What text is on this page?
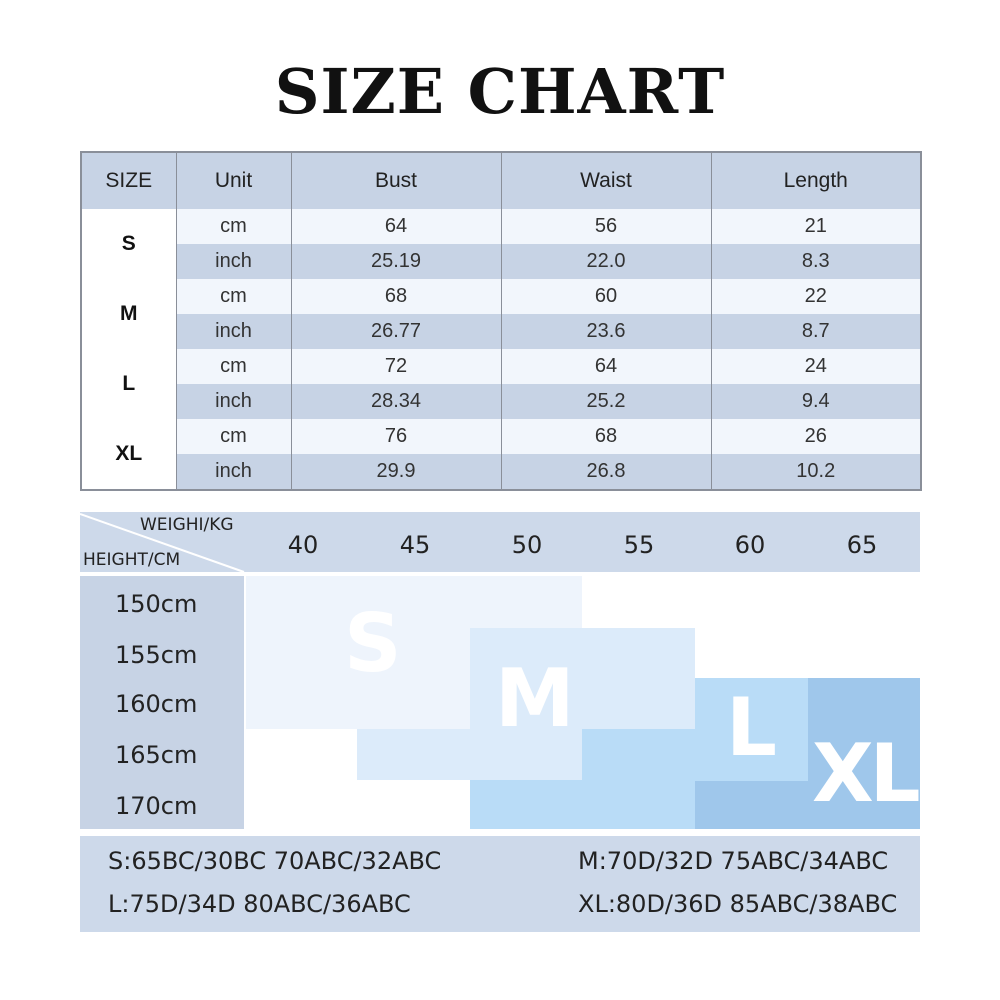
SIZE CHART
SIZE	Unit	Bust	Waist	Length
S	cm	64	56	21
	inch	25.19	22.0	8.3
M	cm	68	60	22
	inch	26.77	23.6	8.7
L	cm	72	64	24
	inch	28.34	25.2	9.4
XL	cm	76	68	26
	inch	29.9	26.8	10.2
WEIGHI/KG
HEIGHT/CM
40	45	50	55	60	65
150cm
155cm
160cm
165cm
170cm
S
M L XL
S:65BC/30BC 70ABC/32ABC	M:70D/32D 75ABC/34ABC
L:75D/34D 80ABC/36ABC	XL:80D/36D 85ABC/38ABC
